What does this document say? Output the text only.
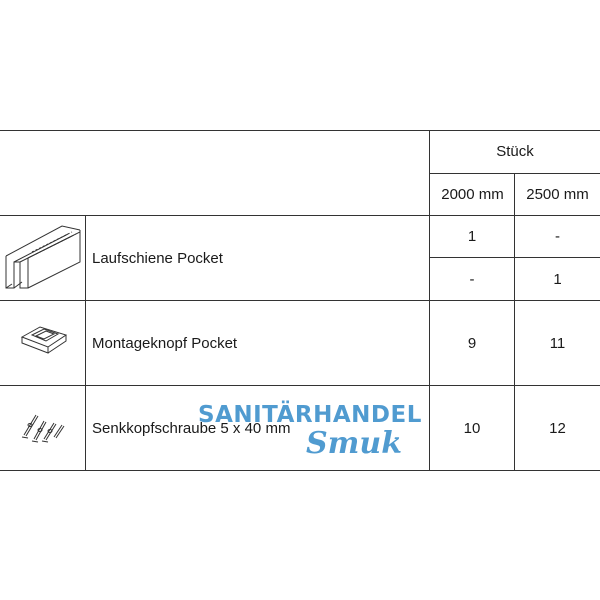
Stück
2000 mm	2500 mm
Laufschiene Pocket
1	-
-	1
Montageknopf Pocket	9	11
Senkkopfschraube 5 x 40 mm	10	12
SANITÄRHANDEL
Smuk
